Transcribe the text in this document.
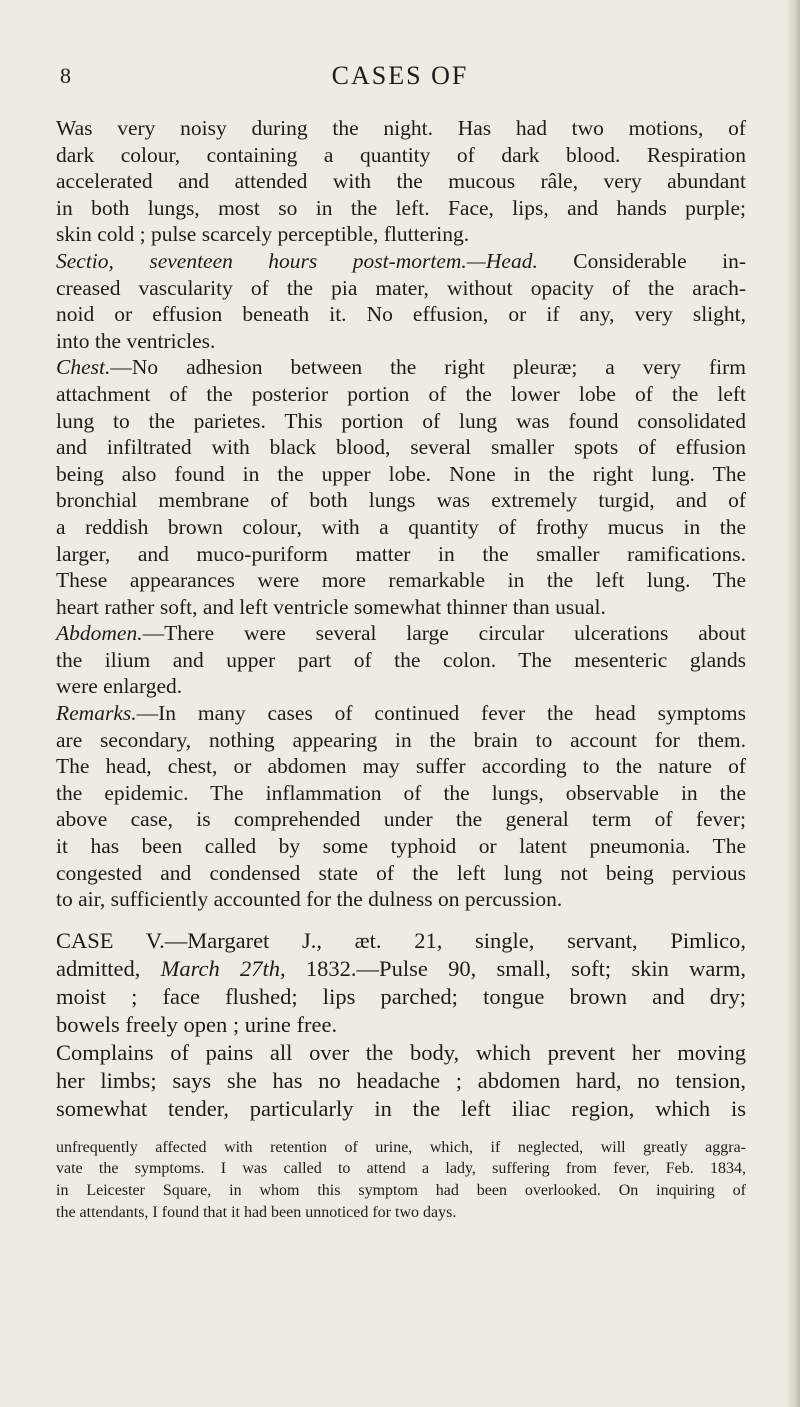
8	CASES OF
Was very noisy during the night. Has had two motions, of
dark colour, containing a quantity of dark blood. Respiration
accelerated and attended with the mucous râle, very abundant
in both lungs, most so in the left. Face, lips, and hands purple;
skin cold ; pulse scarcely perceptible, fluttering.
Sectio, seventeen hours post-mortem.—Head. Considerable in-
creased vascularity of the pia mater, without opacity of the arach-
noid or effusion beneath it. No effusion, or if any, very slight,
into the ventricles.
Chest.—No adhesion between the right pleuræ; a very firm
attachment of the posterior portion of the lower lobe of the left
lung to the parietes. This portion of lung was found consolidated
and infiltrated with black blood, several smaller spots of effusion
being also found in the upper lobe. None in the right lung. The
bronchial membrane of both lungs was extremely turgid, and of
a reddish brown colour, with a quantity of frothy mucus in the
larger, and muco-puriform matter in the smaller ramifications.
These appearances were more remarkable in the left lung. The
heart rather soft, and left ventricle somewhat thinner than usual.
Abdomen.—There were several large circular ulcerations about
the ilium and upper part of the colon. The mesenteric glands
were enlarged.
Remarks.—In many cases of continued fever the head symptoms
are secondary, nothing appearing in the brain to account for them.
The head, chest, or abdomen may suffer according to the nature of
the epidemic. The inflammation of the lungs, observable in the
above case, is comprehended under the general term of fever;
it has been called by some typhoid or latent pneumonia. The
congested and condensed state of the left lung not being pervious
to air, sufficiently accounted for the dulness on percussion.
CASE V.—Margaret J., æt. 21, single, servant, Pimlico,
admitted, March 27th, 1832.—Pulse 90, small, soft; skin warm,
moist ; face flushed; lips parched; tongue brown and dry;
bowels freely open ; urine free.
Complains of pains all over the body, which prevent her moving
her limbs; says she has no headache ; abdomen hard, no tension,
somewhat tender, particularly in the left iliac region, which is
unfrequently affected with retention of urine, which, if neglected, will greatly aggra-
vate the symptoms. I was called to attend a lady, suffering from fever, Feb. 1834,
in Leicester Square, in whom this symptom had been overlooked. On inquiring of
the attendants, I found that it had been unnoticed for two days.
